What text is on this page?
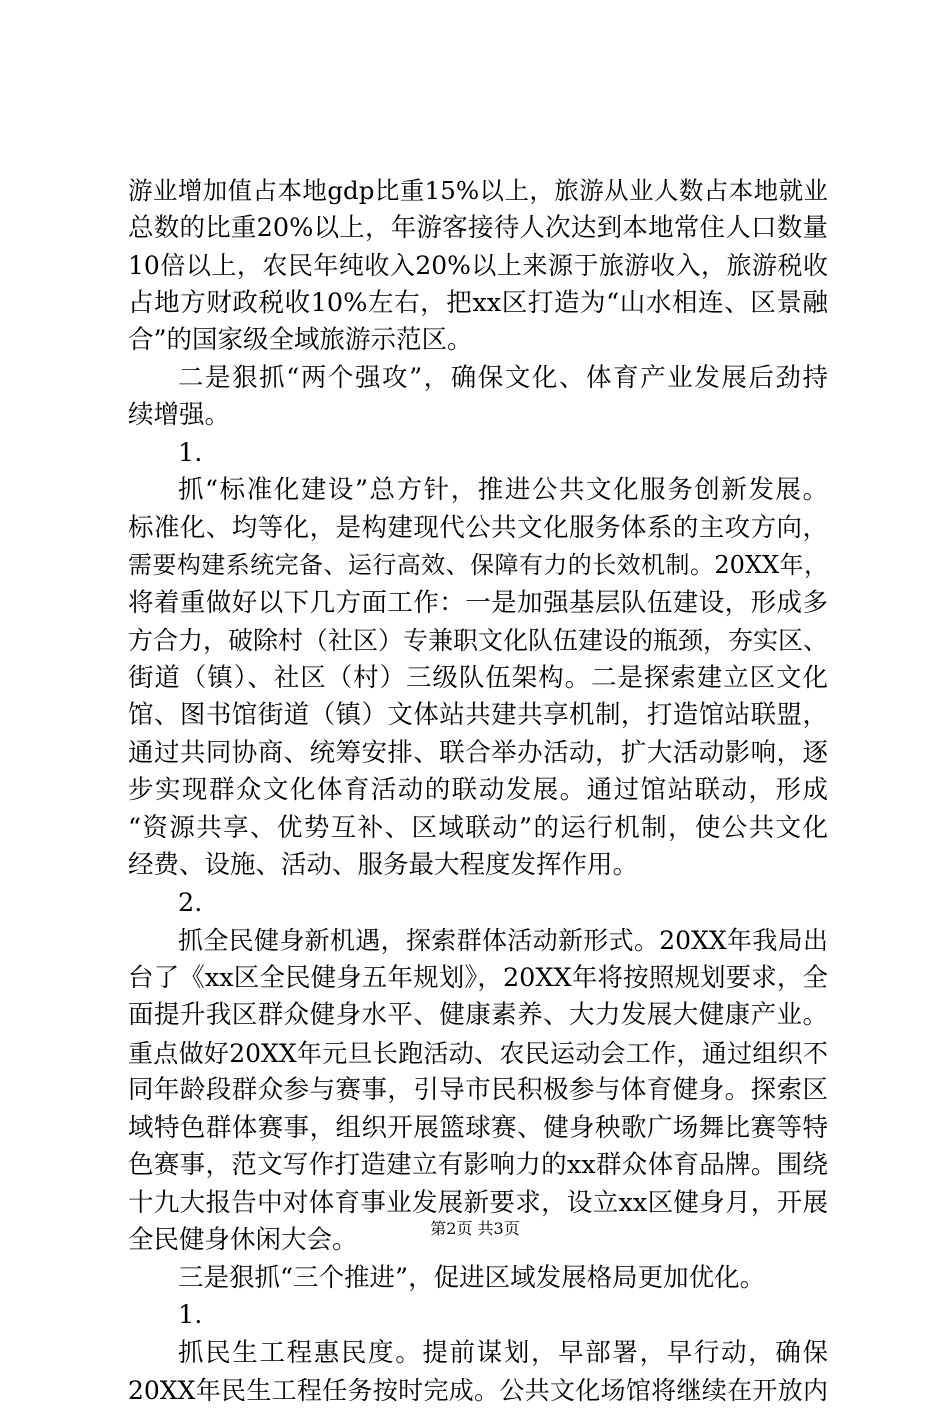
游业增加值占本地gdp比重15%以上，旅游从业人数占本地就业
总数的比重20%以上，年游客接待人次达到本地常住人口数量
10倍以上，农民年纯收入20%以上来源于旅游收入，旅游税收
占地方财政税收10%左右，把xx区打造为“山水相连、区景融
合”的国家级全域旅游示范区。
二是狠抓“两个强攻”，确保文化、体育产业发展后劲持
续增强。
1.
抓“标准化建设”总方针，推进公共文化服务创新发展。
标准化、均等化，是构建现代公共文化服务体系的主攻方向，
需要构建系统完备、运行高效、保障有力的长效机制。20XX年，
将着重做好以下几方面工作：一是加强基层队伍建设，形成多
方合力，破除村（社区）专兼职文化队伍建设的瓶颈，夯实区、
街道（镇）、社区（村）三级队伍架构。二是探索建立区文化
馆、图书馆街道（镇）文体站共建共享机制，打造馆站联盟，
通过共同协商、统筹安排、联合举办活动，扩大活动影响，逐
步实现群众文化体育活动的联动发展。通过馆站联动，形成
“资源共享、优势互补、区域联动”的运行机制，使公共文化
经费、设施、活动、服务最大程度发挥作用。
2.
抓全民健身新机遇，探索群体活动新形式。20XX年我局出
台了《xx区全民健身五年规划》，20XX年将按照规划要求，全
面提升我区群众健身水平、健康素养、大力发展大健康产业。
重点做好20XX年元旦长跑活动、农民运动会工作，通过组织不
同年龄段群众参与赛事，引导市民积极参与体育健身。探索区
域特色群体赛事，组织开展篮球赛、健身秧歌广场舞比赛等特
色赛事，范文写作打造建立有影响力的xx群众体育品牌。围绕
十九大报告中对体育事业发展新要求，设立xx区健身月，开展
全民健身休闲大会。
三是狠抓“三个推进”，促进区域发展格局更加优化。
1.
抓民生工程惠民度。提前谋划，早部署，早行动，确保
20XX年民生工程任务按时完成。公共文化场馆将继续在开放内
第2页 共3页
